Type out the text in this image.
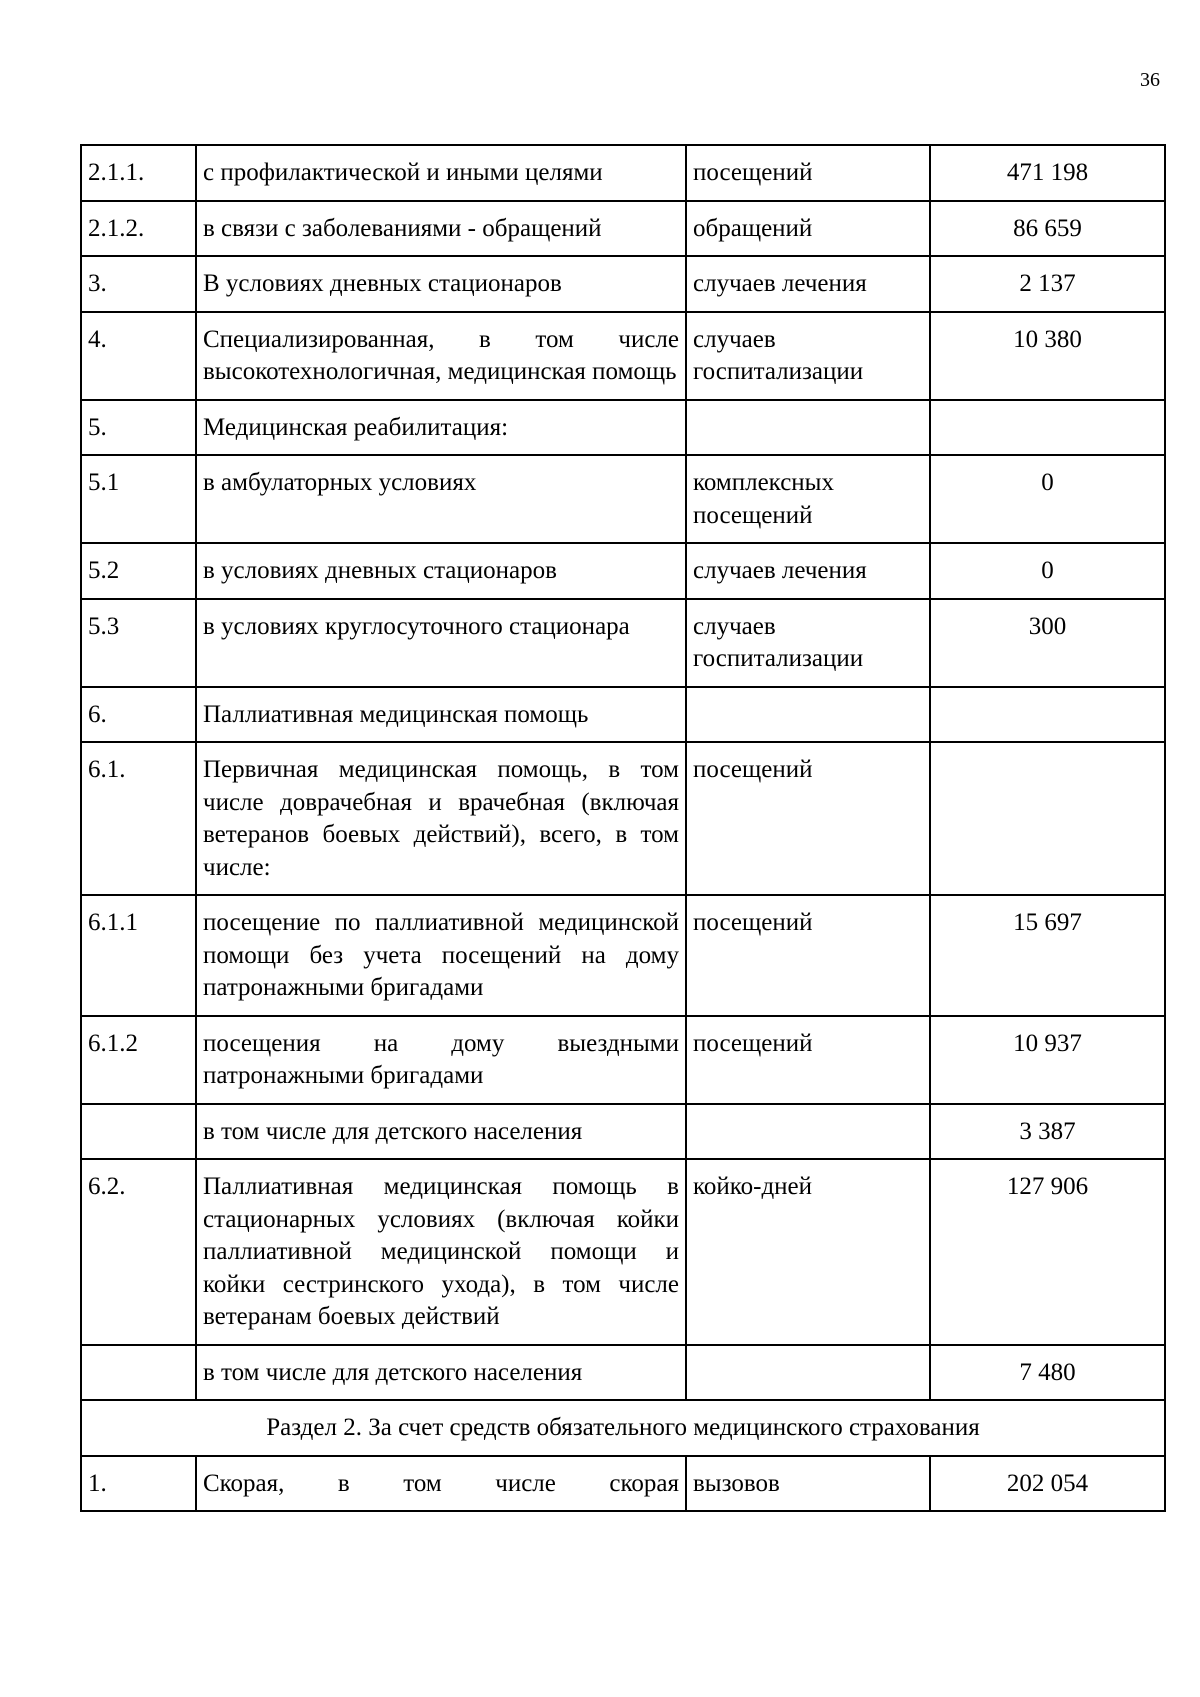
36
2.1.1.	с профилактической и иными целями	посещений	471 198
2.1.2.	в связи с заболеваниями - обращений	обращений	86 659
3.	В условиях дневных стационаров	случаев лечения	2 137
4.	Специализированная, в том числе высокотехнологичная, медицинская помощь	случаев госпитализации	10 380
5.	Медицинская реабилитация:		
5.1	в амбулаторных условиях	комплексных посещений	0
5.2	в условиях дневных стационаров	случаев лечения	0
5.3	в условиях круглосуточного стационара	случаев госпитализации	300
6.	Паллиативная медицинская помощь		
6.1.	Первичная медицинская помощь, в том числе доврачебная и врачебная (включая ветеранов боевых действий), всего, в том числе:	посещений	
6.1.1	посещение по паллиативной медицинской помощи без учета посещений на дому патронажными бригадами	посещений	15 697
6.1.2	посещения на дому выездными патронажными бригадами	посещений	10 937
	в том числе для детского населения		3 387
6.2.	Паллиативная медицинская помощь в стационарных условиях (включая койки паллиативной медицинской помощи и койки сестринского ухода), в том числе ветеранам боевых действий	койко-дней	127 906
	в том числе для детского населения		7 480
Раздел 2. За счет средств обязательного медицинского страхования			
1.	Скорая, в том числе скорая	вызовов	202 054
